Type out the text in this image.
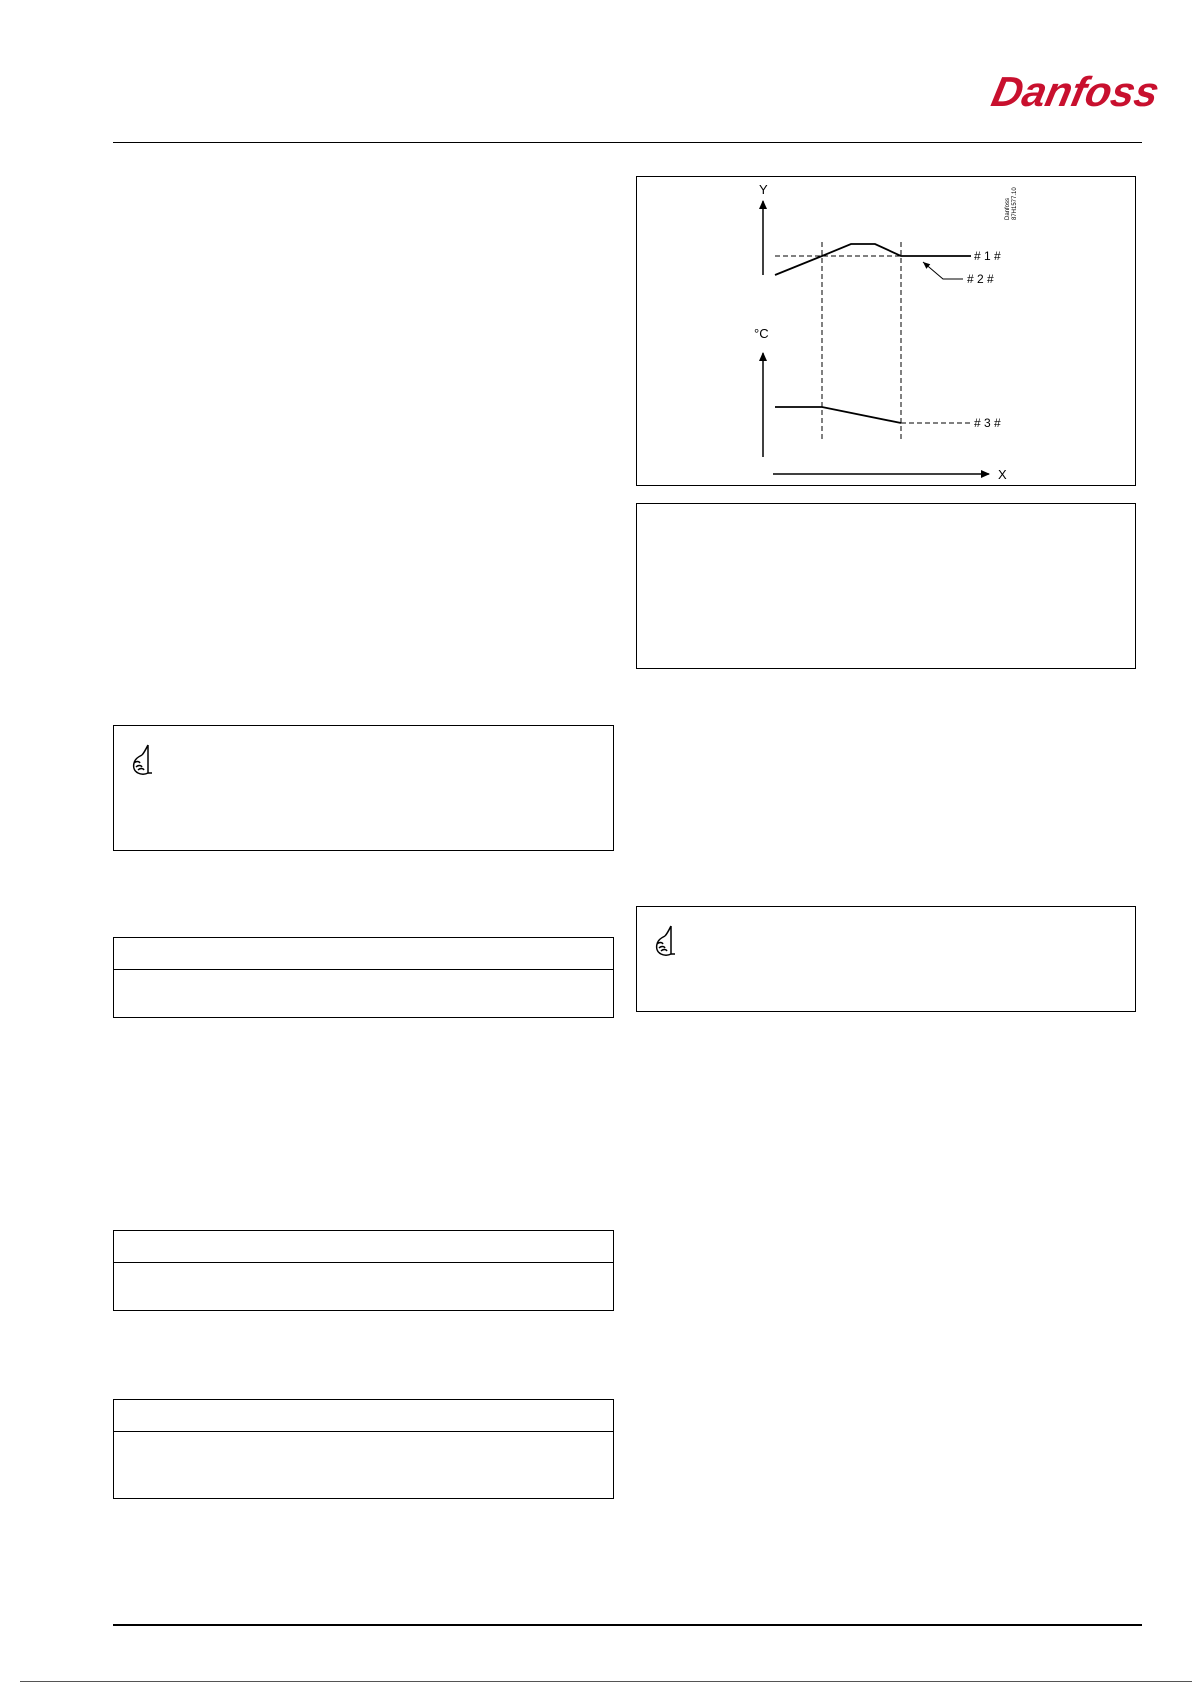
Danfoss
Y
°C
X
# 1 #
# 2 #
# 3 #
Danfoss 87H1577.10
